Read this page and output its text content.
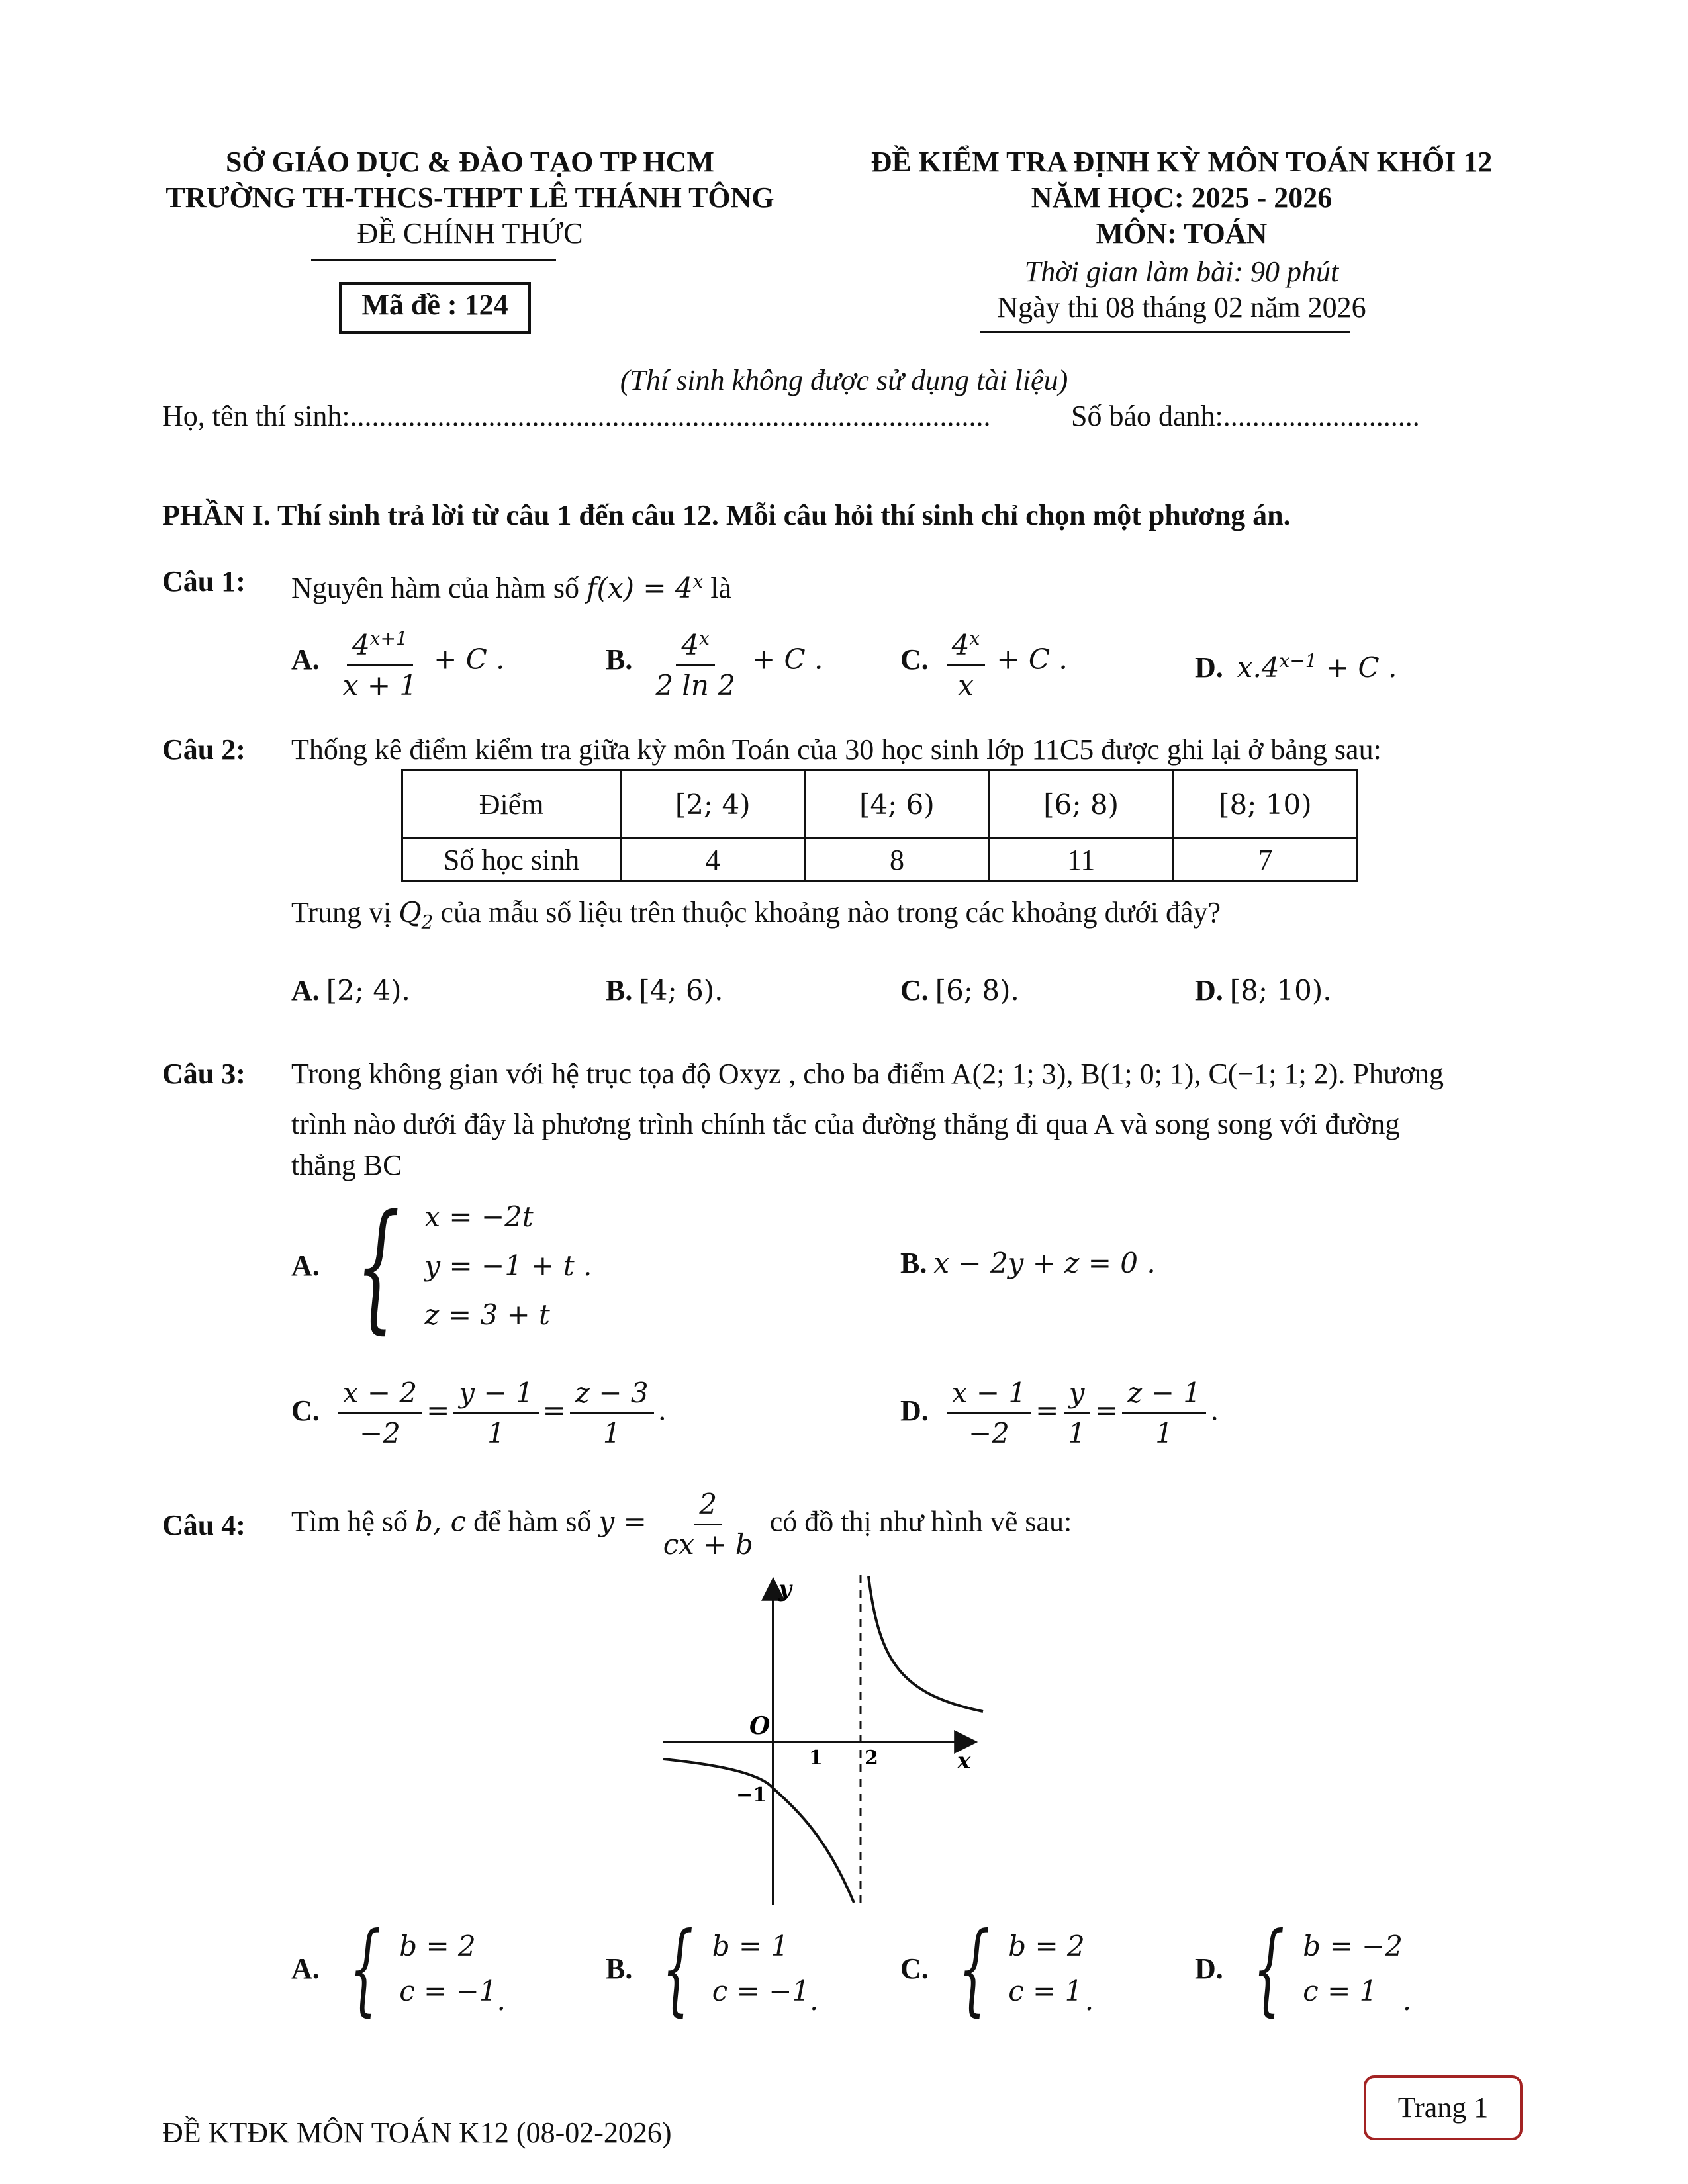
SỞ GIÁO DỤC & ĐÀO TẠO TP HCM
TRƯỜNG TH-THCS-THPT LÊ THÁNH TÔNG
ĐỀ CHÍNH THỨC
Mã đề : 124
ĐỀ KIỂM TRA ĐỊNH KỲ MÔN TOÁN KHỐI 12
NĂM HỌC: 2025 - 2026
MÔN: TOÁN
Thời gian làm bài: 90 phút
Ngày thi 08 tháng 02 năm 2026
(Thí sinh không được sử dụng tài liệu)
Họ, tên thí sinh:........................................................................................	Số báo danh:...........................
PHẦN I. Thí sinh trả lời từ câu 1 đến câu 12. Mỗi câu hỏi thí sinh chỉ chọn một phương án.
Câu 1: Nguyên hàm của hàm số $f(x) = 4^x$ là
A. $\frac{4^{x+1}}{x + 1} + C$ .	B. $\frac{4^x}{2 \ln 2} + C$ .	C. $\frac{4^x}{x} + C$ .	D. $x.4^{x-1} + C$ .
Câu 2: Thống kê điểm kiểm tra giữa kỳ môn Toán của 30 học sinh lớp 11C5 được ghi lại ở bảng sau:
Điểm	[2; 4)	[4; 6)	[6; 8)	[8; 10)
Số học sinh	4	8	11	7
Trung vị $Q_2$ của mẫu số liệu trên thuộc khoảng nào trong các khoảng dưới đây?
A. [2; 4).	B. [4; 6).	C. [6; 8).	D. [8; 10).
Câu 3: Trong không gian với hệ trục tọa độ Oxyz , cho ba điểm A(2; 1; 3), B(1; 0; 1), C(−1; 1; 2). Phương
trình nào dưới đây là phương trình chính tắc của đường thẳng đi qua A và song song với đường
thẳng BC
A. { x = −2t
y = −1 + t .
z = 3 + t
B. x − 2y + z = 0 .
C. $\frac{x - 2}{-2} = \frac{y - 1}{1} = \frac{z - 3}{1}$ .	D. $\frac{x - 1}{-2} = \frac{y}{1} = \frac{z - 1}{1}$ .
Câu 4: Tìm hệ số b, c để hàm số $y = \frac{2}{cx + b}$ có đồ thị như hình vẽ sau:
y
x
O
1 2
−1
A. { b = 2
c = −1 .
B. { b = 1
c = −1 .
C. { b = 2
c = 1 .
D. { b = −2
c = 1 .
ĐỀ KTĐK MÔN TOÁN K12 (08-02-2026)
Trang 1
